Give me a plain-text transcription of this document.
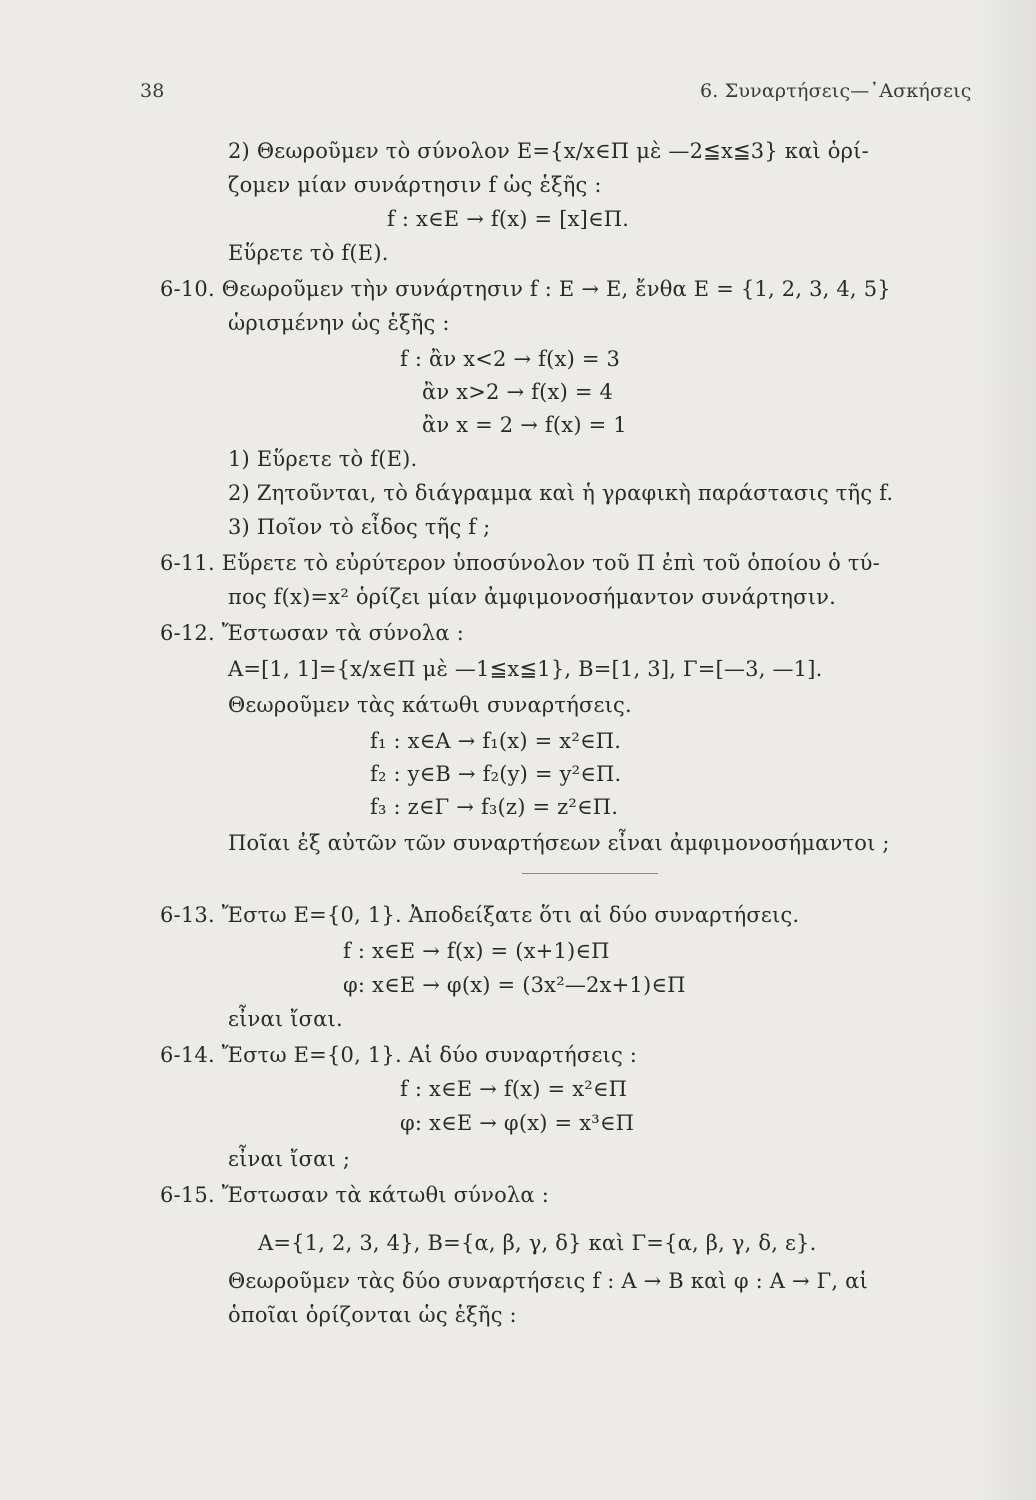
38	6. Συναρτήσεις—᾽Ασκήσεις
2) Θεωροῦμεν τὸ σύνολον Ε={x/x∈Π μὲ —2≦x≦3} καὶ ὁρί-
ζομεν μίαν συνάρτησιν f ὡς ἑξῆς :
f : x∈E → f(x) = [x]∈Π.
Εὕρετε τὸ f(E).
6-10. Θεωροῦμεν τὴν συνάρτησιν f : E → E, ἔνθα E = {1, 2, 3, 4, 5}
ὡρισμένην ὡς ἑξῆς :
f : ἂν x<2 → f(x) = 3
ἂν x>2 → f(x) = 4
ἂν x = 2 → f(x) = 1
1) Εὕρετε τὸ f(E).
2) Ζητοῦνται, τὸ διάγραμμα καὶ ἡ γραφικὴ παράστασις τῆς f.
3) Ποῖον τὸ εἶδος τῆς f ;
6-11. Εὕρετε τὸ εὐρύτερον ὑποσύνολον τοῦ Π ἐπὶ τοῦ ὁποίου ὁ τύ-
πος f(x)=x² ὁρίζει μίαν ἀμφιμονοσήμαντον συνάρτησιν.
6-12. Ἔστωσαν τὰ σύνολα :
A=[1, 1]={x/x∈Π μὲ —1≦x≦1}, B=[1, 3], Γ=[—3, —1].
Θεωροῦμεν τὰς κάτωθι συναρτήσεις.
f₁ : x∈A → f₁(x) = x²∈Π.
f₂ : y∈B → f₂(y) = y²∈Π.
f₃ : z∈Γ → f₃(z) = z²∈Π.
Ποῖαι ἐξ αὐτῶν τῶν συναρτήσεων εἶναι ἀμφιμονοσήμαντοι ;
6-13. Ἔστω E={0, 1}. Ἀποδείξατε ὅτι αἱ δύο συναρτήσεις.
f : x∈E → f(x) = (x+1)∈Π
φ: x∈E → φ(x) = (3x²—2x+1)∈Π
εἶναι ἴσαι.
6-14. Ἔστω E={0, 1}. Αἱ δύο συναρτήσεις :
f : x∈E → f(x) = x²∈Π
φ: x∈E → φ(x) = x³∈Π
εἶναι ἴσαι ;
6-15. Ἔστωσαν τὰ κάτωθι σύνολα :
A={1, 2, 3, 4}, B={α, β, γ, δ} καὶ Γ={α, β, γ, δ, ε}.
Θεωροῦμεν τὰς δύο συναρτήσεις f : A → B καὶ φ : A → Γ, αἱ
ὁποῖαι ὁρίζονται ὡς ἑξῆς :
